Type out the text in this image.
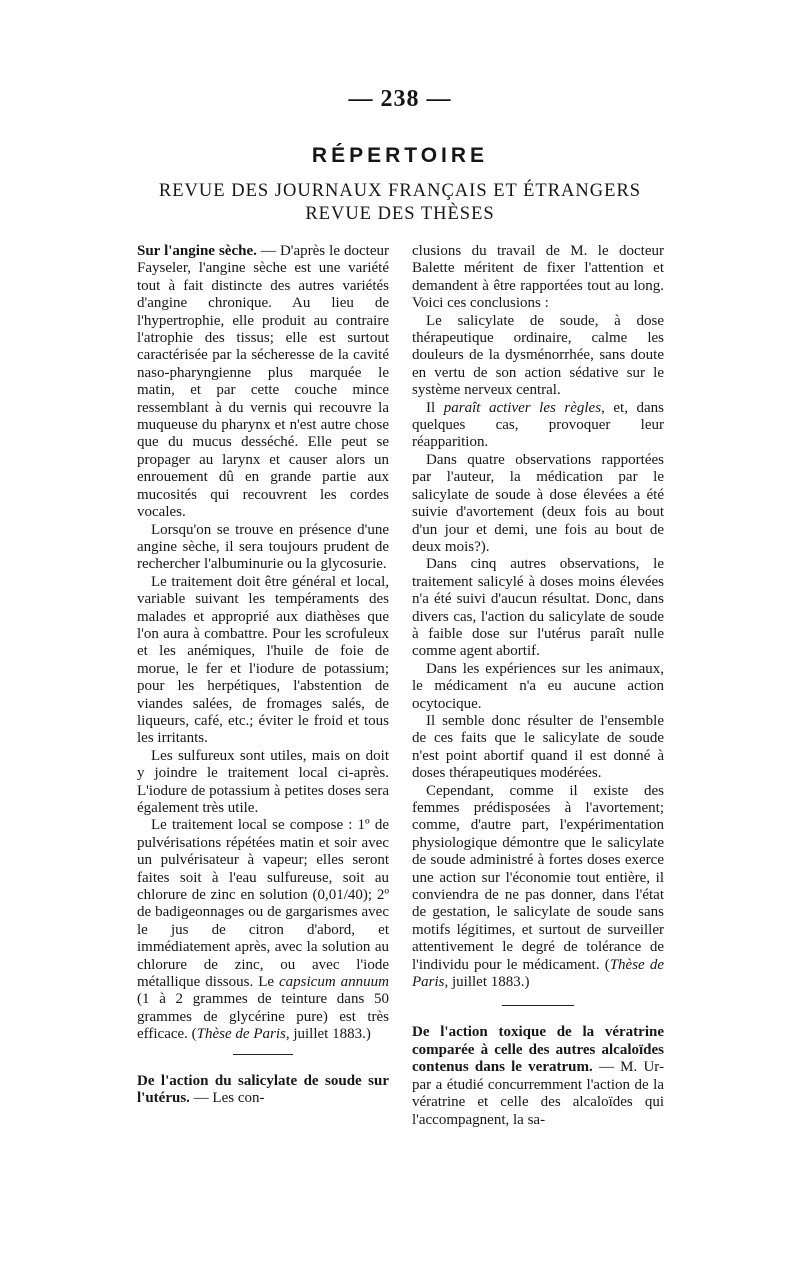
— 238 —
RÉPERTOIRE
REVUE DES JOURNAUX FRANÇAIS ET ÉTRANGERS
REVUE DES THÈSES

Sur l'angine sèche. — D'après le docteur Fayseler, l'angine sèche est une variété tout à fait distincte des autres variétés d'angine chronique. Au lieu de l'hypertrophie, elle produit au contraire l'atrophie des tissus; elle est surtout caractérisée par la sécheresse de la cavité naso-pharyngienne plus marquée le matin, et par cette couche mince ressemblant à du vernis qui recouvre la muqueuse du pharynx et n'est autre chose que du mucus desséché. Elle peut se propager au larynx et causer alors un enrouement dû en grande partie aux mucosités qui recouvrent les cordes vocales.

Lorsqu'on se trouve en présence d'une angine sèche, il sera toujours prudent de rechercher l'albuminurie ou la glycosurie.

Le traitement doit être général et local, variable suivant les tempéraments des malades et approprié aux diathèses que l'on aura à combattre. Pour les scrofuleux et les anémiques, l'huile de foie de morue, le fer et l'iodure de potassium; pour les herpétiques, l'abstention de viandes salées, de fromages salés, de liqueurs, café, etc.; éviter le froid et tous les irritants.

Les sulfureux sont utiles, mais on doit y joindre le traitement local ci-après. L'iodure de potassium à petites doses sera également très utile.

Le traitement local se compose : 1º de pulvérisations répétées matin et soir avec un pulvérisateur à vapeur; elles seront faites soit à l'eau sulfureuse, soit au chlorure de zinc en solution (0,01/40); 2º de badigeonnages ou de gargarismes avec le jus de citron d'abord, et immédiatement après, avec la solution au chlorure de zinc, ou avec l'iode métallique dissous. Le capsicum annuum (1 à 2 grammes de teinture dans 50 grammes de glycérine pure) est très efficace. (Thèse de Paris, juillet 1883.)

De l'action du salicylate de soude sur l'utérus. — Les con-

clusions du travail de M. le docteur Balette méritent de fixer l'attention et demandent à être rapportées tout au long. Voici ces conclusions :

Le salicylate de soude, à dose thérapeutique ordinaire, calme les douleurs de la dysménorrhée, sans doute en vertu de son action sédative sur le système nerveux central.

Il paraît activer les règles, et, dans quelques cas, provoquer leur réapparition.

Dans quatre observations rapportées par l'auteur, la médication par le salicylate de soude à dose élevées a été suivie d'avortement (deux fois au bout d'un jour et demi, une fois au bout de deux mois?).

Dans cinq autres observations, le traitement salicylé à doses moins élevées n'a été suivi d'aucun résultat. Donc, dans divers cas, l'action du salicylate de soude à faible dose sur l'utérus paraît nulle comme agent abortif.

Dans les expériences sur les animaux, le médicament n'a eu aucune action ocytocique.

Il semble donc résulter de l'ensemble de ces faits que le salicylate de soude n'est point abortif quand il est donné à doses thérapeutiques modérées.

Cependant, comme il existe des femmes prédisposées à l'avortement; comme, d'autre part, l'expérimentation physiologique démontre que le salicylate de soude administré à fortes doses exerce une action sur l'économie tout entière, il conviendra de ne pas donner, dans l'état de gestation, le salicylate de soude sans motifs légitimes, et surtout de surveiller attentivement le degré de tolérance de l'individu pour le médicament. (Thèse de Paris, juillet 1883.)

De l'action toxique de la vératrine comparée à celle des autres alcaloïdes contenus dans le veratrum. — M. Ur- par a étudié concurremment l'action de la vératrine et celle des alcaloïdes qui l'accompagnent, la sa-
